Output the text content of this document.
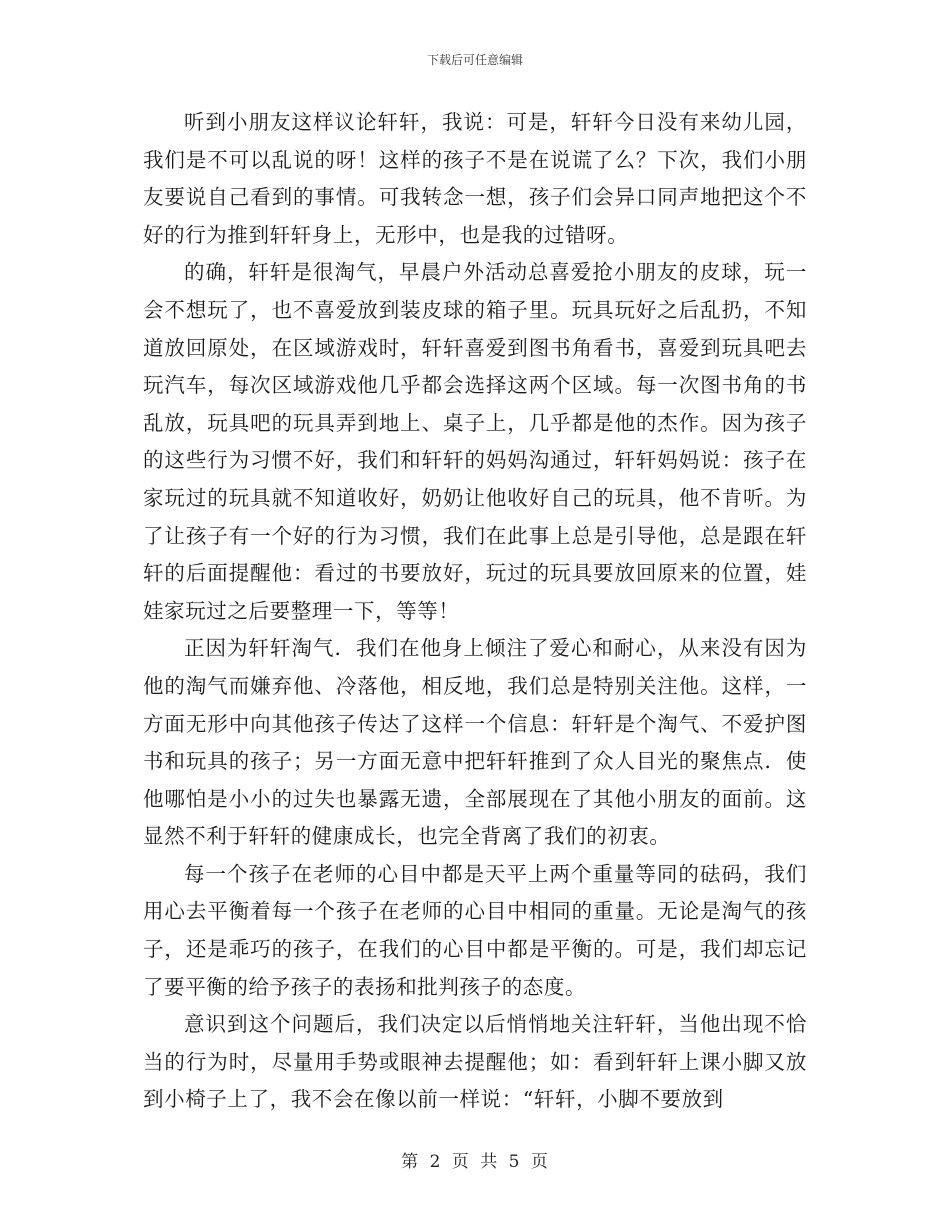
下载后可任意编辑

听到小朋友这样议论轩轩，我说：可是，轩轩今日没有来幼儿园，我们是不可以乱说的呀！这样的孩子不是在说谎了么？下次，我们小朋友要说自己看到的事情。可我转念一想，孩子们会异口同声地把这个不好的行为推到轩轩身上，无形中，也是我的过错呀。

的确，轩轩是很淘气，早晨户外活动总喜爱抢小朋友的皮球，玩一会不想玩了，也不喜爱放到装皮球的箱子里。玩具玩好之后乱扔，不知道放回原处，在区域游戏时，轩轩喜爱到图书角看书，喜爱到玩具吧去玩汽车，每次区域游戏他几乎都会选择这两个区域。每一次图书角的书乱放，玩具吧的玩具弄到地上、桌子上，几乎都是他的杰作。因为孩子的这些行为习惯不好，我们和轩轩的妈妈沟通过，轩轩妈妈说：孩子在家玩过的玩具就不知道收好，奶奶让他收好自己的玩具，他不肯听。为了让孩子有一个好的行为习惯，我们在此事上总是引导他，总是跟在轩轩的后面提醒他：看过的书要放好，玩过的玩具要放回原来的位置，娃娃家玩过之后要整理一下，等等！

正因为轩轩淘气．我们在他身上倾注了爱心和耐心，从来没有因为他的淘气而嫌弃他、冷落他，相反地，我们总是特别关注他。这样，一方面无形中向其他孩子传达了这样一个信息：轩轩是个淘气、不爱护图书和玩具的孩子；另一方面无意中把轩轩推到了众人目光的聚焦点．使他哪怕是小小的过失也暴露无遗，全部展现在了其他小朋友的面前。这显然不利于轩轩的健康成长，也完全背离了我们的初衷。

每一个孩子在老师的心目中都是天平上两个重量等同的砝码，我们用心去平衡着每一个孩子在老师的心目中相同的重量。无论是淘气的孩子，还是乖巧的孩子，在我们的心目中都是平衡的。可是，我们却忘记了要平衡的给予孩子的表扬和批判孩子的态度。

意识到这个问题后，我们决定以后悄悄地关注轩轩，当他出现不恰当的行为时，尽量用手势或眼神去提醒他；如：看到轩轩上课小脚又放到小椅子上了，我不会在像以前一样说：“轩轩，小脚不要放到

第 2 页 共 5 页
